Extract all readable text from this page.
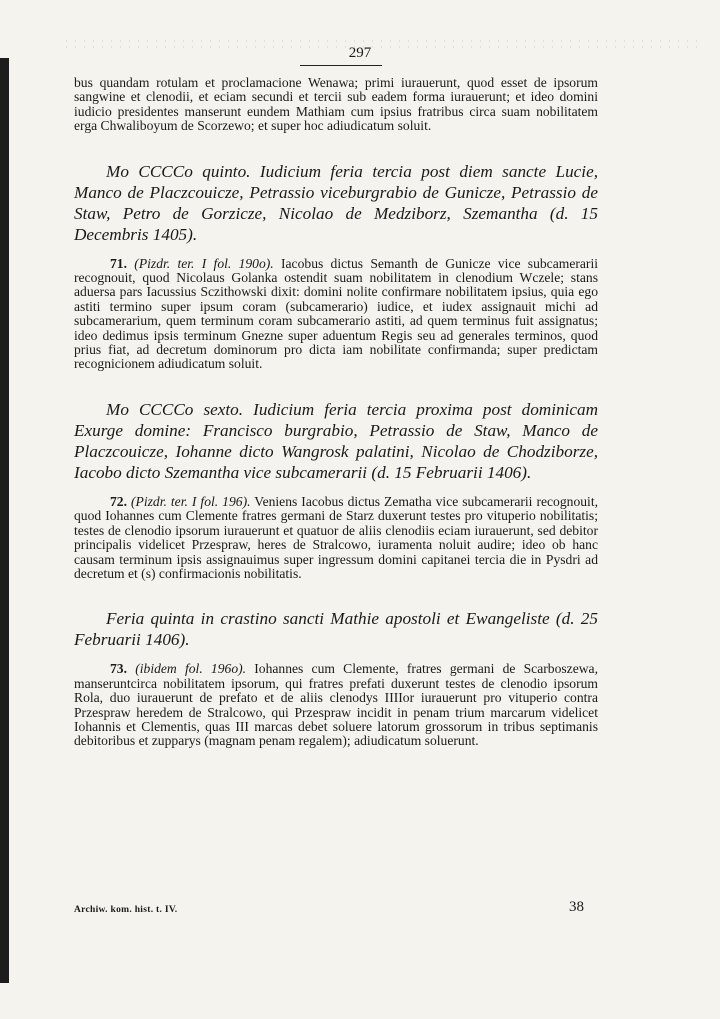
297

bus quandam rotulam et proclamacione Wenawa; primi iurauerunt, quod esset de ipsorum sangwine et clenodii, et eciam secundi et tercii sub eadem forma iurauerunt; et ideo domini iudicio presidentes manserunt eundem Mathiam cum ipsius fratribus circa suam nobilitatem erga Chwaliboyum de Scorzewo; et super hoc adiudicatum soluit.

Mo CCCCo quinto. Iudicium feria tercia post diem sancte Lucie, Manco de Placzcouicze, Petrassio viceburgrabio de Gunicze, Petrassio de Staw, Petro de Gorzicze, Nicolao de Medziborz, Szemantha (d. 15 Decembris 1405).

71. (Pizdr. ter. I fol. 190o). Iacobus dictus Semanth de Gunicze vice subcamerarii recognouit, quod Nicolaus Golanka ostendit suam nobilitatem in clenodium Wczele; stans aduersa pars Iacussius Sczithowski dixit: domini nolite confirmare nobilitatem ipsius, quia ego astiti termino super ipsum coram (subcamerario) iudice, et iudex assignauit michi ad subcamerarium, quem terminum coram subcamerario astiti, ad quem terminus fuit assignatus; ideo dedimus ipsis terminum Gnezne super aduentum Regis seu ad generales terminos, quod prius fiat, ad decretum dominorum pro dicta iam nobilitate confirmanda; super predictam recognicionem adiudicatum soluit.

Mo CCCCo sexto. Iudicium feria tercia proxima post dominicam Exurge domine: Francisco burgrabio, Petrassio de Staw, Manco de Placzcouicze, Iohanne dicto Wangrosk palatini, Nicolao de Chodziborze, Iacobo dicto Szemantha vice subcamerarii (d. 15 Februarii 1406).

72. (Pizdr. ter. I fol. 196). Veniens Iacobus dictus Zematha vice subcamerarii recognouit, quod Iohannes cum Clemente fratres germani de Starz duxerunt testes pro vituperio nobilitatis; testes de clenodio ipsorum iurauerunt et quatuor de aliis clenodiis eciam iurauerunt, sed debitor principalis videlicet Przespraw, heres de Stralcowo, iuramenta noluit audire; ideo ob hanc causam terminum ipsis assignauimus super ingressum domini capitanei tercia die in Pysdri ad decretum et (s) confirmacionis nobilitatis.

Feria quinta in crastino sancti Mathie apostoli et Ewangeliste (d. 25 Februarii 1406).

73. (ibidem fol. 196o). Iohannes cum Clemente, fratres germani de Scarboszewa, manseruntcirca nobilitatem ipsorum, qui fratres prefati duxerunt testes de clenodio ipsorum Rola, duo iurauerunt de prefato et de aliis clenodys IIIIor iurauerunt pro vituperio contra Przespraw heredem de Stralcowo, qui Przespraw incidit in penam trium marcarum videlicet Iohannis et Clementis, quas III marcas debet soluere latorum grossorum in tribus septimanis debitoribus et zupparys (magnam penam regalem); adiudicatum soluerunt.

Archiw. kom. hist. t. IV.	38
